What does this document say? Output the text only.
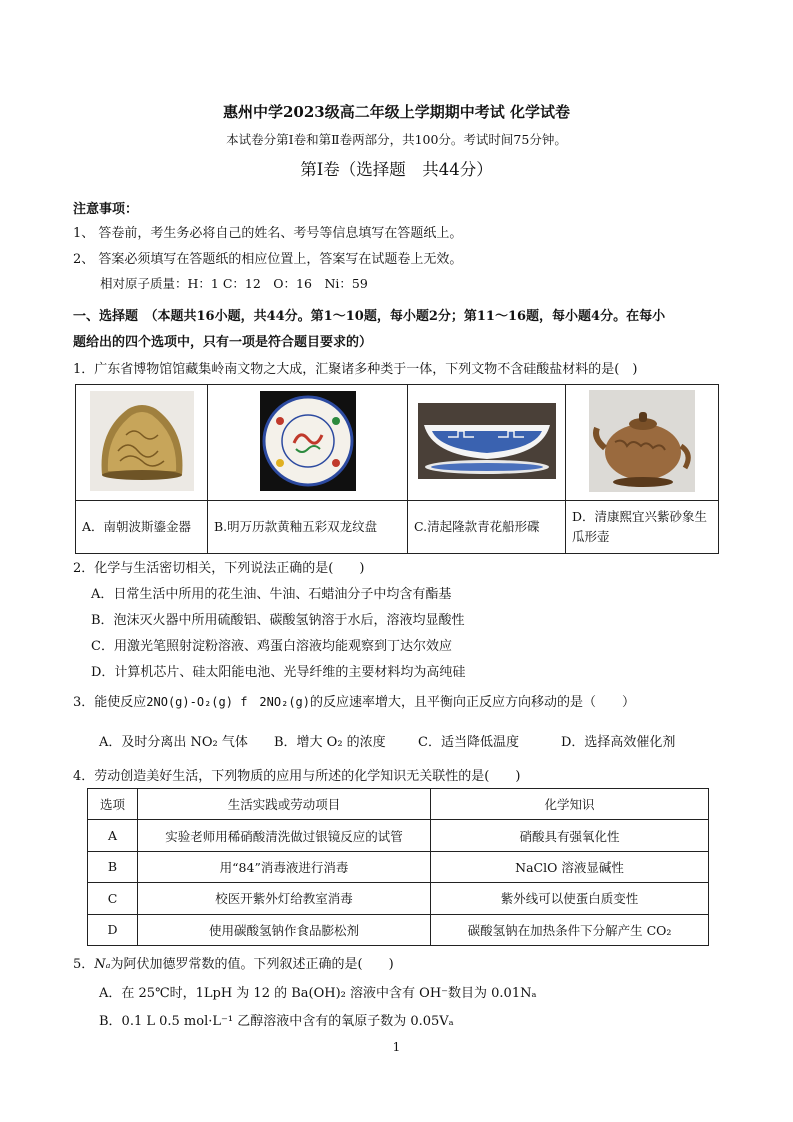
惠州中学2023级高二年级上学期期中考试 化学试卷
本试卷分第Ⅰ卷和第Ⅱ卷两部分，共100分。考试时间75分钟。
第Ⅰ卷（选择题　共44分）
注意事项：
1、 答卷前，考生务必将自己的姓名、考号等信息填写在答题纸上。
2、 答案必须填写在答题纸的相应位置上，答案写在试题卷上无效。
相对原子质量：H：1 C：12　O：16　Ni：59
一、选择题　（本题共16小题，共44分。第1～10题，每小题2分；第11～16题，每小题4分。在每小
题给出的四个选项中，只有一项是符合题目要求的）
1．广东省博物馆馆藏集岭南文物之大成，汇聚诸多种类于一体，下列文物不含硅酸盐材料的是(　)

A．南朝波斯鎏金器	B.明万历款黄釉五彩双龙纹盘	C.清起隆款青花船形碟	D．清康熙宜兴紫砂象生瓜形壶
2．化学与生活密切相关，下列说法正确的是(　　)
A．日常生活中所用的花生油、牛油、石蜡油分子中均含有酯基
B．泡沫灭火器中所用硫酸铝、碳酸氢钠溶于水后，溶液均显酸性
C．用激光笔照射淀粉溶液、鸡蛋白溶液均能观察到丁达尔效应
D．计算机芯片、硅太阳能电池、光导纤维的主要材料均为高纯硅
3．能使反应2NO(g)-O₂(g) f　2NO₂(g)的反应速率增大，且平衡向正反应方向移动的是（　　）
A．及时分离出 NO₂ 气体 B．增大 O₂ 的浓度 C．适当降低温度	D．选择高效催化剂
4．劳动创造美好生活，下列物质的应用与所述的化学知识无关联性的是(　　)
选项	生活实践或劳动项目	化学知识
A	实验老师用稀硝酸清洗做过银镜反应的试管	硝酸具有强氧化性
B	用“84”消毒液进行消毒	NaClO 溶液显碱性
C	校医开紫外灯给教室消毒	紫外线可以使蛋白质变性
D	使用碳酸氢钠作食品膨松剂	碳酸氢钠在加热条件下分解产生 CO₂
5．Nₐ为阿伏加德罗常数的值。下列叙述正确的是(　　)
A．在 25℃时，1LpH 为 12 的 Ba(OH)₂ 溶液中含有 OH⁻数目为 0.01Nₐ
B．0.1 L 0.5 mol·L⁻¹ 乙醇溶液中含有的氧原子数为 0.05Vₐ
1
